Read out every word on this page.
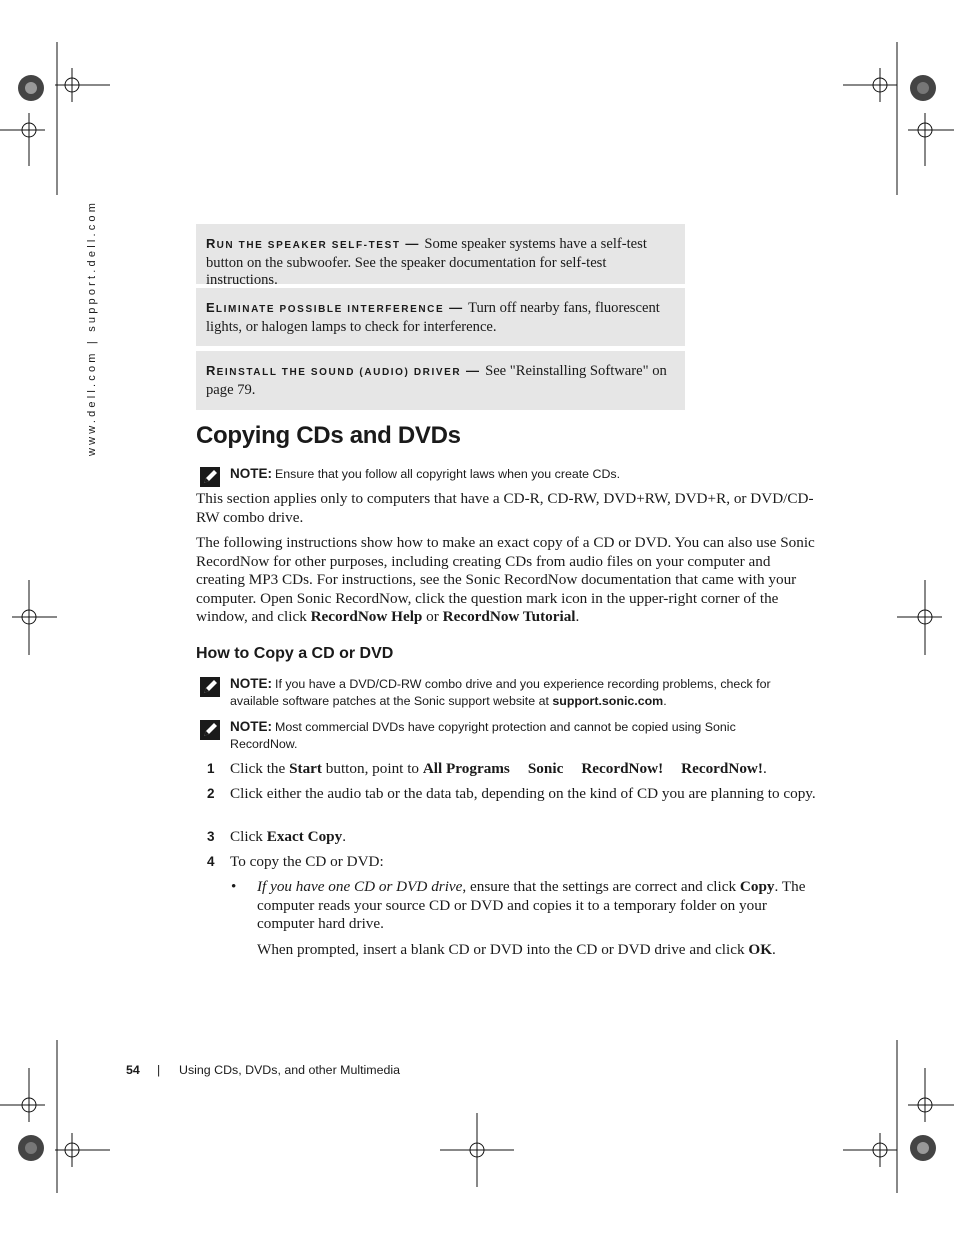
www.dell.com | support.dell.com	RUN THE SPEAKER SELF-TEST — Some speaker systems have a self-test button on the subwoofer. See the speaker documentation for self-test instructions.
ELIMINATE POSSIBLE INTERFERENCE — Turn off nearby fans, fluorescent lights, or halogen lamps to check for interference.
REINSTALL THE SOUND (AUDIO) DRIVER — See "Reinstalling Software" on page 79.
Copying CDs and DVDs
NOTE: Ensure that you follow all copyright laws when you create CDs.
This section applies only to computers that have a CD-R, CD-RW, DVD+RW, DVD+R, or DVD/CD-RW combo drive.
The following instructions show how to make an exact copy of a CD or DVD. You can also use Sonic RecordNow for other purposes, including creating CDs from audio files on your computer and creating MP3 CDs. For instructions, see the Sonic RecordNow documentation that came with your computer. Open Sonic RecordNow, click the question mark icon in the upper-right corner of the window, and click RecordNow Help or RecordNow Tutorial.
How to Copy a CD or DVD
NOTE: If you have a DVD/CD-RW combo drive and you experience recording problems, check for available software patches at the Sonic support website at support.sonic.com.
NOTE: Most commercial DVDs have copyright protection and cannot be copied using Sonic RecordNow.
1 Click the Start button, point to All Programs Sonic RecordNow! RecordNow!.
2 Click either the audio tab or the data tab, depending on the kind of CD you are planning to copy.
3 Click Exact Copy.
4 To copy the CD or DVD:
• If you have one CD or DVD drive, ensure that the settings are correct and click Copy. The computer reads your source CD or DVD and copies it to a temporary folder on your computer hard drive.
When prompted, insert a blank CD or DVD into the CD or DVD drive and click OK.
54 | Using CDs, DVDs, and other Multimedia
